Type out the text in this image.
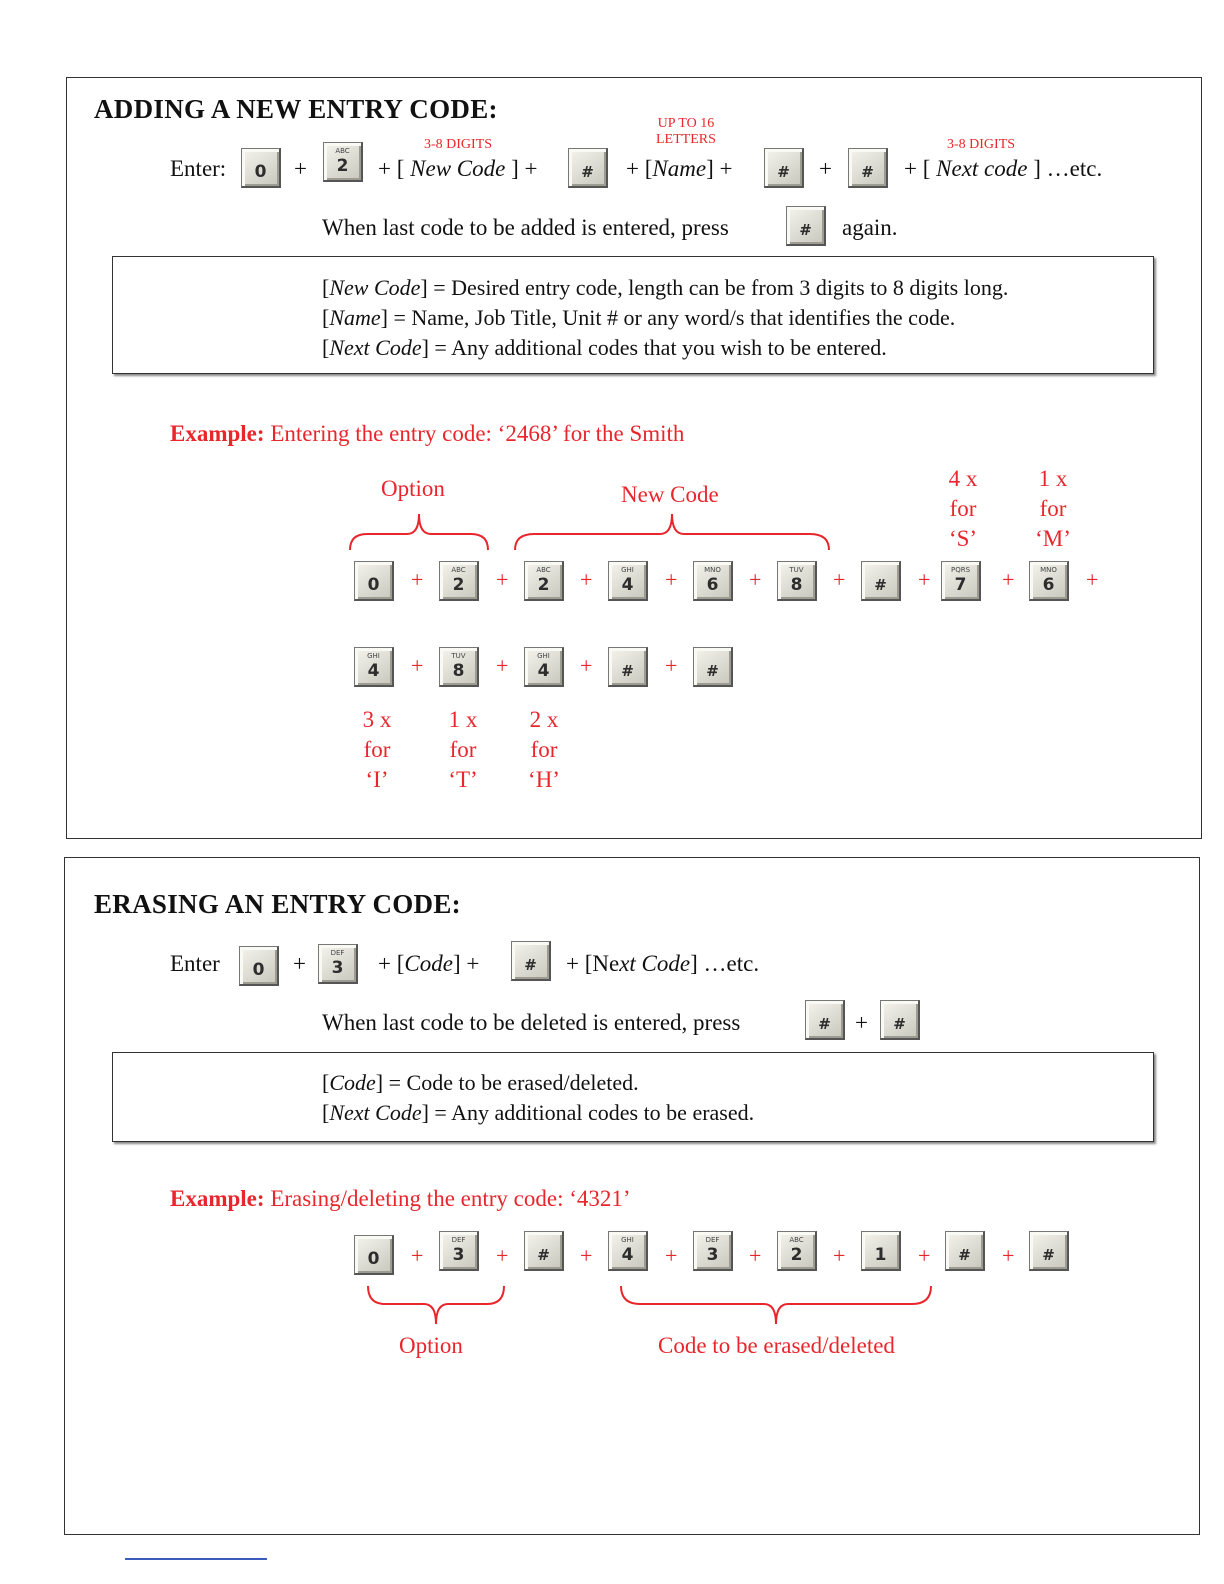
ADDING A NEW ENTRY CODE:
3-8 DIGITS
UP TO 16
LETTERS	3-8 DIGITS
Enter:	0	+
ABC
2	+ [ New Code ] +	#	+ [Name] +	#	+	#	+ [ Next code ] …etc.
When last code to be added is entered, press	#	again.
[New Code] = Desired entry code, length can be from 3 digits to 8 digits long.
[Name] = Name, Job Title, Unit # or any word/s that identifies the code.
[Next Code] = Any additional codes that you wish to be entered.
Example: Entering the entry code: ‘2468’ for the Smith
Option	New Code
4 x
for
‘S’
1 x
for
‘M’
0	+	ABC
2	+	ABC
2	+	GHI
4	+	MNO
6	+	TUV
8	+	#	+	PQRS
7	+	MNO
6	+
GHI
4	+	TUV
8	+	GHI
4	+	#	+	#
3 x
for
‘I’
1 x
for
‘T’
2 x
for
‘H’
ERASING AN ENTRY CODE:
Enter	0	+	DEF
3	+ [Code] +	#	+ [Next Code] …etc.
When last code to be deleted is entered, press	#	+	#
[Code] = Code to be erased/deleted.
[Next Code] = Any additional codes to be erased.
Example: Erasing/deleting the entry code: ‘4321’
0	+
DEF
3	+	#	+
GHI
4	+
DEF
3	+
ABC
2	+	1	+	#	+	#
Option	Code to be erased/deleted
